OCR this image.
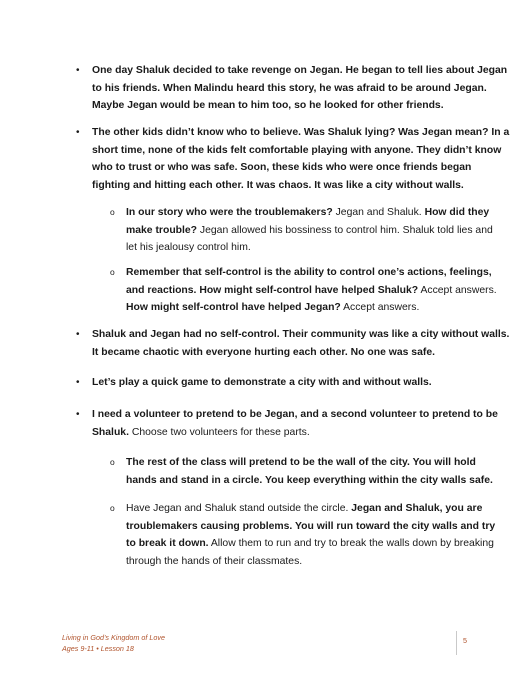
• One day Shaluk decided to take revenge on Jegan. He began to tell lies about Jegan to his friends. When Malindu heard this story, he was afraid to be around Jegan. Maybe Jegan would be mean to him too, so he looked for other friends.
• The other kids didn’t know who to believe. Was Shaluk lying? Was Jegan mean? In a short time, none of the kids felt comfortable playing with anyone. They didn’t know who to trust or who was safe. Soon, these kids who were once friends began fighting and hitting each other. It was chaos. It was like a city without walls.
o In our story who were the troublemakers? Jegan and Shaluk. How did they make trouble? Jegan allowed his bossiness to control him. Shaluk told lies and let his jealousy control him.
o Remember that self-control is the ability to control one’s actions, feelings, and reactions. How might self-control have helped Shaluk? Accept answers. How might self-control have helped Jegan? Accept answers.
• Shaluk and Jegan had no self-control. Their community was like a city without walls. It became chaotic with everyone hurting each other. No one was safe.
• Let’s play a quick game to demonstrate a city with and without walls.
• I need a volunteer to pretend to be Jegan, and a second volunteer to pretend to be Shaluk. Choose two volunteers for these parts.
o The rest of the class will pretend to be the wall of the city. You will hold hands and stand in a circle. You keep everything within the city walls safe.
o Have Jegan and Shaluk stand outside the circle. Jegan and Shaluk, you are troublemakers causing problems. You will run toward the city walls and try to break it down. Allow them to run and try to break the walls down by breaking through the hands of their classmates.
Living in God’s Kingdom of Love
Ages 9-11 • Lesson 18
5
